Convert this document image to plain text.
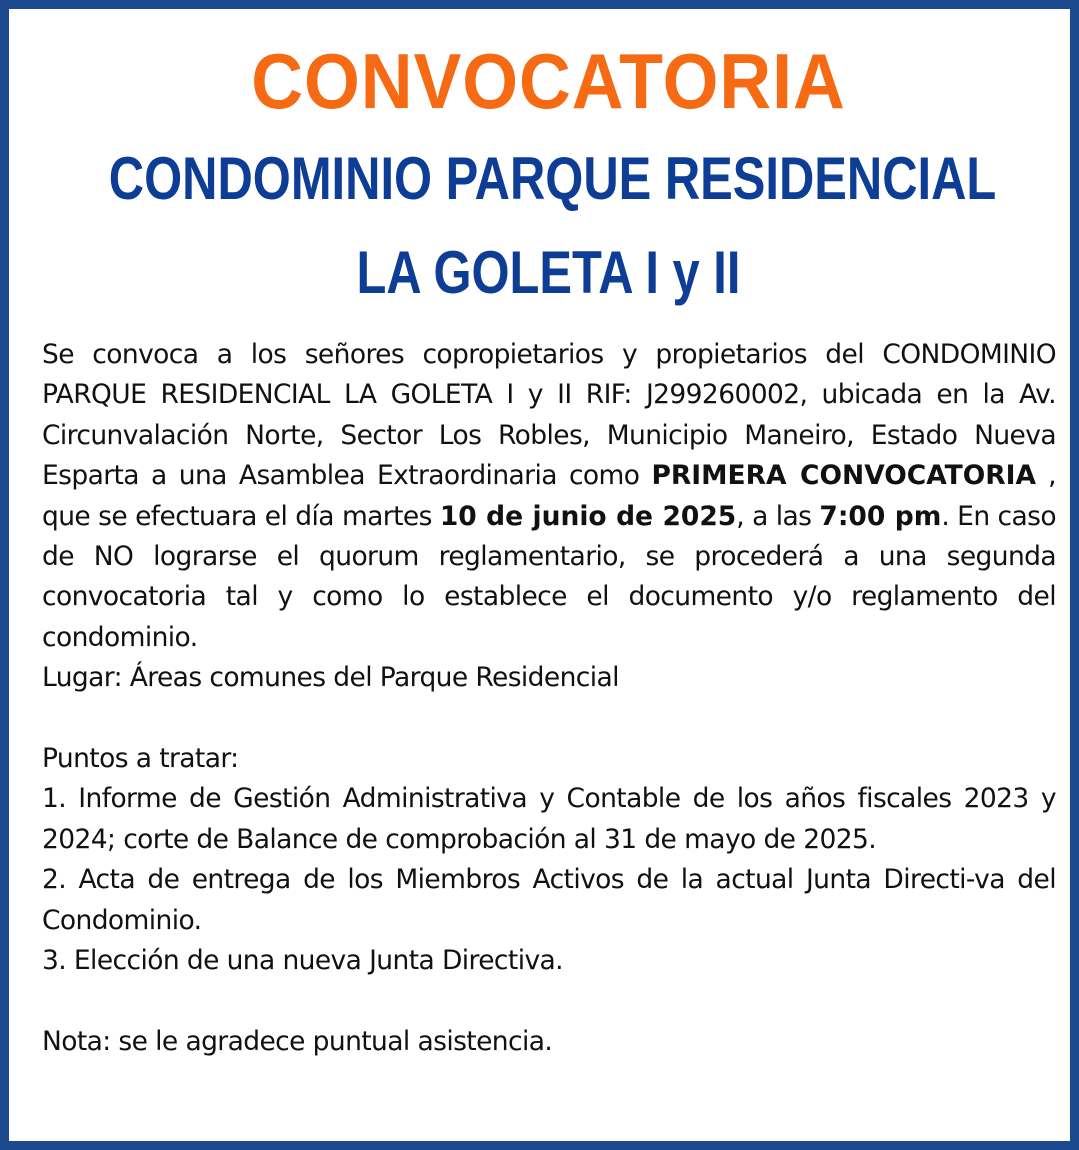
CONVOCATORIA
CONDOMINIO PARQUE RESIDENCIAL
LA GOLETA I y II

Se convoca a los señores copropietarios y propietarios del CONDOMINIO PARQUE RESIDENCIAL LA GOLETA I y II RIF: J299260002, ubicada en la Av. Circunvalación Norte, Sector Los Robles, Municipio Maneiro, Estado Nueva Esparta a una Asamblea Extraordinaria como PRIMERA CONVOCATORIA , que se efectuara el día martes 10 de junio de 2025, a las 7:00 pm. En caso de NO lograrse el quorum reglamentario, se procederá a una segunda convocatoria tal y como lo establece el documento y/o reglamento del condominio.

Lugar: Áreas comunes del Parque Residencial

Puntos a tratar:

1. Informe de Gestión Administrativa y Contable de los años fiscales 2023 y 2024; corte de Balance de comprobación al 31 de mayo de 2025.

2. Acta de entrega de los Miembros Activos de la actual Junta Directi-va del Condominio.

3. Elección de una nueva Junta Directiva.

Nota: se le agradece puntual asistencia.
